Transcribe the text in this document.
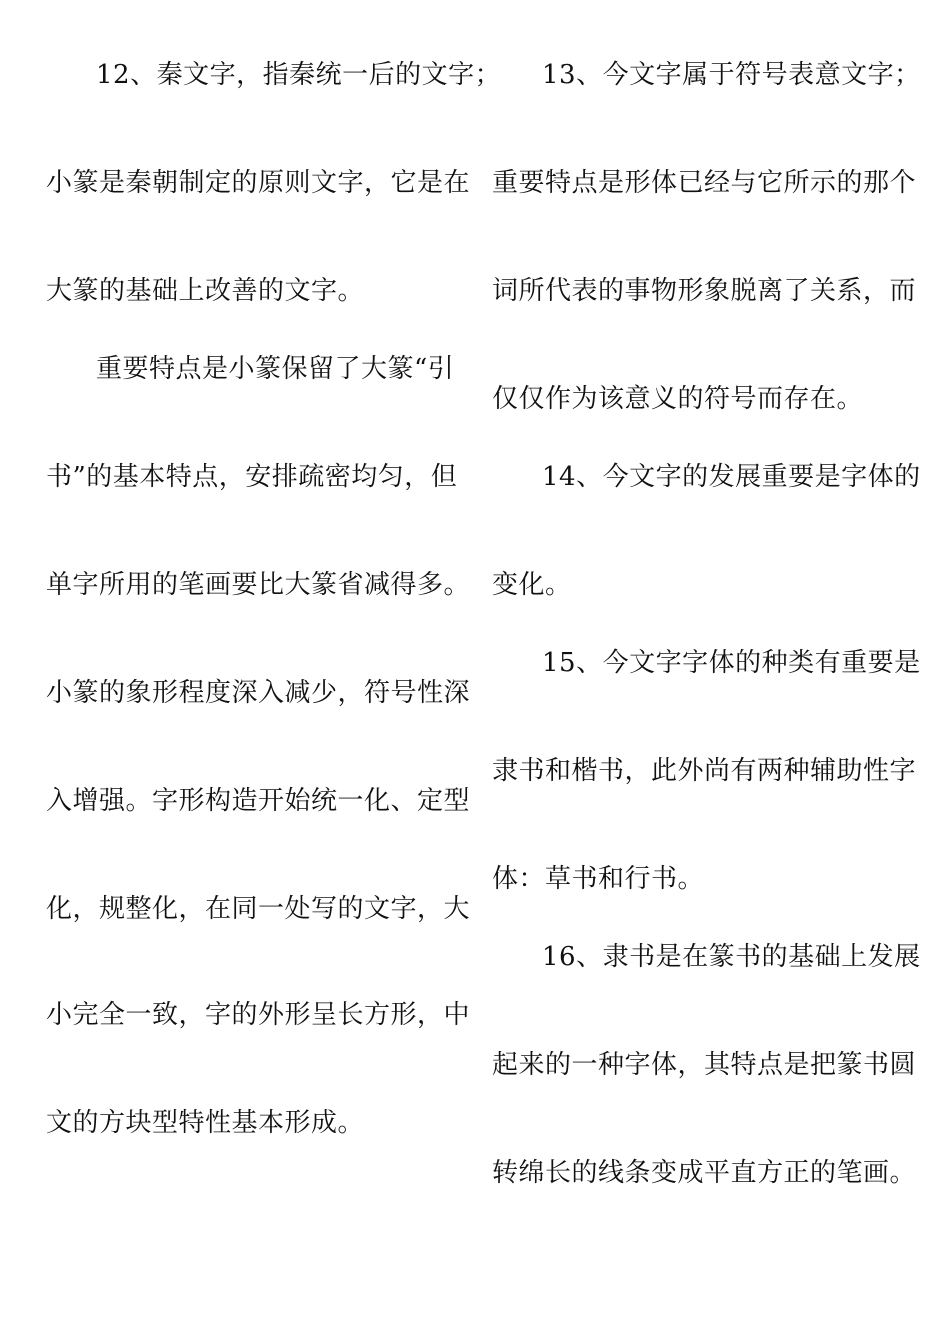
12、秦文字，指秦统一后的文字；
小篆是秦朝制定的原则文字，它是在
大篆的基础上改善的文字。
重要特点是小篆保留了大篆“引
书”的基本特点，安排疏密均匀，但
单字所用的笔画要比大篆省减得多。
小篆的象形程度深入减少，符号性深
入增强。字形构造开始统一化、定型
化，规整化，在同一处写的文字，大
小完全一致，字的外形呈长方形，中
文的方块型特性基本形成。
13、今文字属于符号表意文字；
重要特点是形体已经与它所示的那个
词所代表的事物形象脱离了关系，而
仅仅作为该意义的符号而存在。
14、今文字的发展重要是字体的
变化。
15、今文字字体的种类有重要是
隶书和楷书，此外尚有两种辅助性字
体：草书和行书。
16、隶书是在篆书的基础上发展
起来的一种字体，其特点是把篆书圆
转绵长的线条变成平直方正的笔画。
